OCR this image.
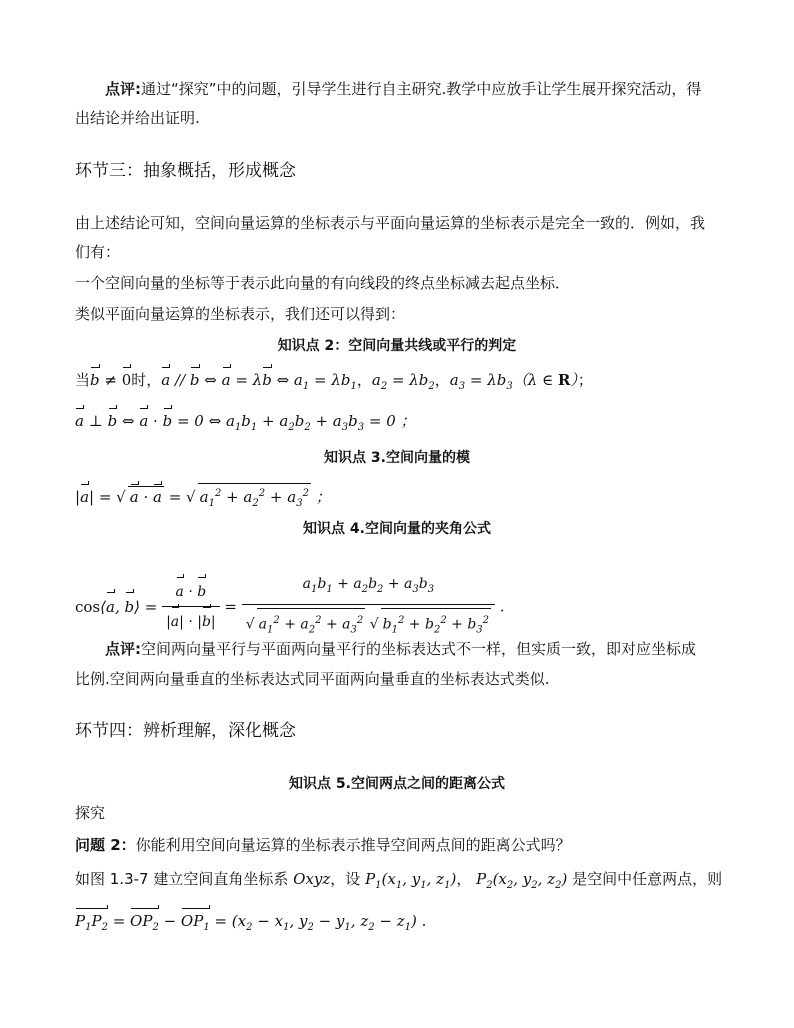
点评:通过“探究”中的问题，引导学生进行自主研究.教学中应放手让学生展开探究活动，得
出结论并给出证明.
环节三：抽象概括，形成概念
由上述结论可知，空间向量运算的坐标表示与平面向量运算的坐标表示是完全一致的．例如，我
们有：
一个空间向量的坐标等于表示此向量的有向线段的终点坐标减去起点坐标．
类似平面向量运算的坐标表示，我们还可以得到：
知识点 2：空间向量共线或平行的判定
当b ≠ 0时，a // b ⇔ a = λb ⇔ $a_1 = \lambda b_1$，$a_2 = \lambda b_2$，$a_3 = \lambda b_3(\lambda$ ∈ R）；
a ⊥ b ⇔ a · b = 0 ⇔ $a_1b_1 + a_2b_2 + a_3b_3 = 0$ ；
知识点 3.空间向量的模
|a| = √ a · a = √ $a_1^2 + a_2^2 + a_3^2$ ；
知识点 4.空间向量的夹角公式
cos⟨a, b⟩ = $\frac{a \cdot b}{|a| \cdot |b|} = \frac{a_1b_1 + a_2b_2 + a_3b_3}{√ a_1^2 + a_2^2 + a_3^2 √ b_1^2 + b_2^2 + b_3^2}$ .
点评:空间两向量平行与平面两向量平行的坐标表达式不一样，但实质一致，即对应坐标成
比例.空间两向量垂直的坐标表达式同平面两向量垂直的坐标表达式类似.
环节四：辨析理解，深化概念
知识点 5.空间两点之间的距离公式
探究
问题 2：你能利用空间向量运算的坐标表示推导空间两点间的距离公式吗？
如图 1.3-7 建立空间直角坐标系 Oxyz，设 $P_1(x_1$, $y_1$, $z_1$)， $P_2(x_2$, $y_2$, $z_2$) 是空间中任意两点，则
$P_1P_2 = OP_2 - OP_1 = (x_2 - x_1$, $y_2 - y_1$, $z_2 - z_1$) .
